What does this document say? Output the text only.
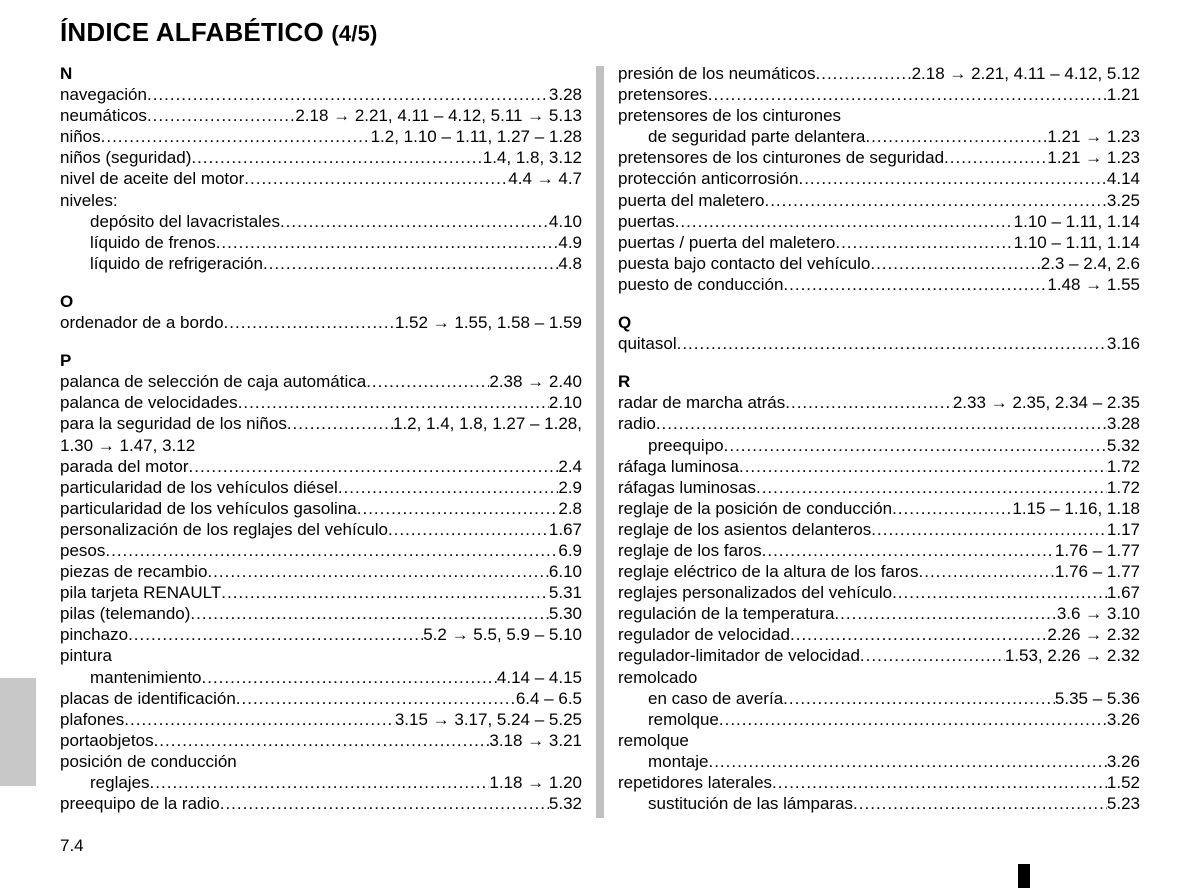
ÍNDICE ALFABÉTICO (4/5)
N
navegación .....	3.28
neumáticos .....	2.18 → 2.21, 4.11 – 4.12, 5.11 → 5.13
niños .....	1.2, 1.10 – 1.11, 1.27 – 1.28
niños (seguridad) .....	1.4, 1.8, 3.12
nivel de aceite del motor .....	4.4 → 4.7
niveles:
depósito del lavacristales .....	4.10
líquido de frenos .....	4.9
líquido de refrigeración .....	4.8
O
ordenador de a bordo .....	1.52 → 1.55, 1.58 – 1.59
P
palanca de selección de caja automática .....	2.38 → 2.40
palanca de velocidades .....	2.10
para la seguridad de los niños .....	1.2, 1.4, 1.8, 1.27 – 1.28,
1.30 → 1.47, 3.12
parada del motor .....	2.4
particularidad de los vehículos diésel .....	2.9
particularidad de los vehículos gasolina .....	2.8
personalización de los reglajes del vehículo .....	1.67
pesos .....	6.9
piezas de recambio .....	6.10
pila tarjeta RENAULT .....	5.31
pilas (telemando) .....	5.30
pinchazo .....	5.2 → 5.5, 5.9 – 5.10
pintura
mantenimiento .....	4.14 – 4.15
placas de identificación .....	6.4 – 6.5
plafones .....	3.15 → 3.17, 5.24 – 5.25
portaobjetos .....	3.18 → 3.21
posición de conducción
reglajes .....	1.18 → 1.20
preequipo de la radio .....	5.32
presión de los neumáticos .....	2.18 → 2.21, 4.11 – 4.12, 5.12
pretensores .....	1.21
pretensores de los cinturones
de seguridad parte delantera .....	1.21 → 1.23
pretensores de los cinturones de seguridad .....	1.21 → 1.23
protección anticorrosión .....	4.14
puerta del maletero .....	3.25
puertas .....	1.10 – 1.11, 1.14
puertas / puerta del maletero .....	1.10 – 1.11, 1.14
puesta bajo contacto del vehículo .....	2.3 – 2.4, 2.6
puesto de conducción .....	1.48 → 1.55
Q
quitasol .....	3.16
R
radar de marcha atrás .....	2.33 → 2.35, 2.34 – 2.35
radio .....	3.28
preequipo .....	5.32
ráfaga luminosa .....	1.72
ráfagas luminosas .....	1.72
reglaje de la posición de conducción .....	1.15 – 1.16, 1.18
reglaje de los asientos delanteros .....	1.17
reglaje de los faros .....	1.76 – 1.77
reglaje eléctrico de la altura de los faros .....	1.76 – 1.77
reglajes personalizados del vehículo .....	1.67
regulación de la temperatura .....	3.6 → 3.10
regulador de velocidad .....	2.26 → 2.32
regulador-limitador de velocidad .....	1.53, 2.26 → 2.32
remolcado
en caso de avería .....	5.35 – 5.36
remolque .....	3.26
remolque
montaje .....	3.26
repetidores laterales .....	1.52
sustitución de las lámparas .....	5.23
7.4
